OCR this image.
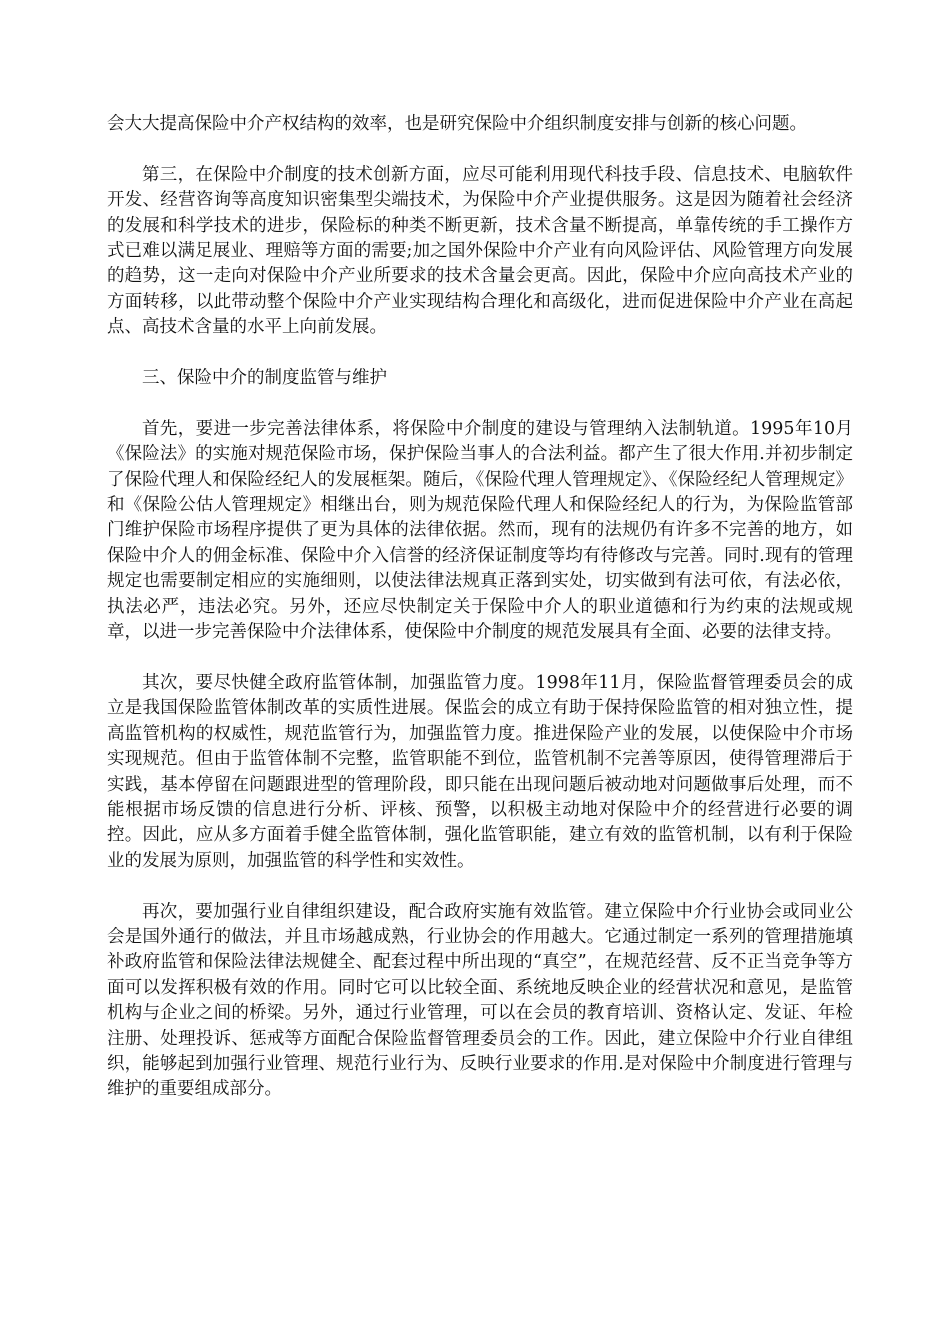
会大大提高保险中介产权结构的效率，也是研究保险中介组织制度安排与创新的核心问题。

第三，在保险中介制度的技术创新方面，应尽可能利用现代科技手段、信息技术、电脑软件开发、经营咨询等高度知识密集型尖端技术，为保险中介产业提供服务。这是因为随着社会经济的发展和科学技术的进步，保险标的种类不断更新，技术含量不断提高，单靠传统的手工操作方式已难以满足展业、理赔等方面的需要;加之国外保险中介产业有向风险评估、风险管理方向发展的趋势，这一走向对保险中介产业所要求的技术含量会更高。因此，保险中介应向高技术产业的方面转移，以此带动整个保险中介产业实现结构合理化和高级化，进而促进保险中介产业在高起点、高技术含量的水平上向前发展。

三、保险中介的制度监管与维护

首先，要进一步完善法律体系，将保险中介制度的建设与管理纳入法制轨道。1995年10月《保险法》的实施对规范保险市场，保护保险当事人的合法利益。都产生了很大作用.并初步制定了保险代理人和保险经纪人的发展框架。随后，《保险代理人管理规定》、《保险经纪人管理规定》和《保险公估人管理规定》相继出台，则为规范保险代理人和保险经纪人的行为，为保险监管部门维护保险市场程序提供了更为具体的法律依据。然而，现有的法规仍有许多不完善的地方，如保险中介人的佣金标准、保险中介入信誉的经济保证制度等均有待修改与完善。同时.现有的管理规定也需要制定相应的实施细则，以使法律法规真正落到实处，切实做到有法可依，有法必依，执法必严，违法必究。另外，还应尽快制定关于保险中介人的职业道德和行为约束的法规或规章，以进一步完善保险中介法律体系，使保险中介制度的规范发展具有全面、必要的法律支持。

其次，要尽快健全政府监管体制，加强监管力度。1998年11月，保险监督管理委员会的成立是我国保险监管体制改革的实质性进展。保监会的成立有助于保持保险监管的相对独立性，提高监管机构的权威性，规范监管行为，加强监管力度。推进保险产业的发展，以使保险中介市场实现规范。但由于监管体制不完整，监管职能不到位，监管机制不完善等原因，使得管理滞后于实践，基本停留在问题跟进型的管理阶段，即只能在出现问题后被动地对问题做事后处理，而不能根据市场反馈的信息进行分析、评核、预警，以积极主动地对保险中介的经营进行必要的调控。因此，应从多方面着手健全监管体制，强化监管职能，建立有效的监管机制，以有利于保险业的发展为原则，加强监管的科学性和实效性。

再次，要加强行业自律组织建设，配合政府实施有效监管。建立保险中介行业协会或同业公会是国外通行的做法，并且市场越成熟，行业协会的作用越大。它通过制定一系列的管理措施填补政府监管和保险法律法规健全、配套过程中所出现的“真空”，在规范经营、反不正当竞争等方面可以发挥积极有效的作用。同时它可以比较全面、系统地反映企业的经营状况和意见，是监管机构与企业之间的桥梁。另外，通过行业管理，可以在会员的教育培训、资格认定、发证、年检注册、处理投诉、惩戒等方面配合保险监督管理委员会的工作。因此，建立保险中介行业自律组织，能够起到加强行业管理、规范行业行为、反映行业要求的作用.是对保险中介制度进行管理与维护的重要组成部分。
